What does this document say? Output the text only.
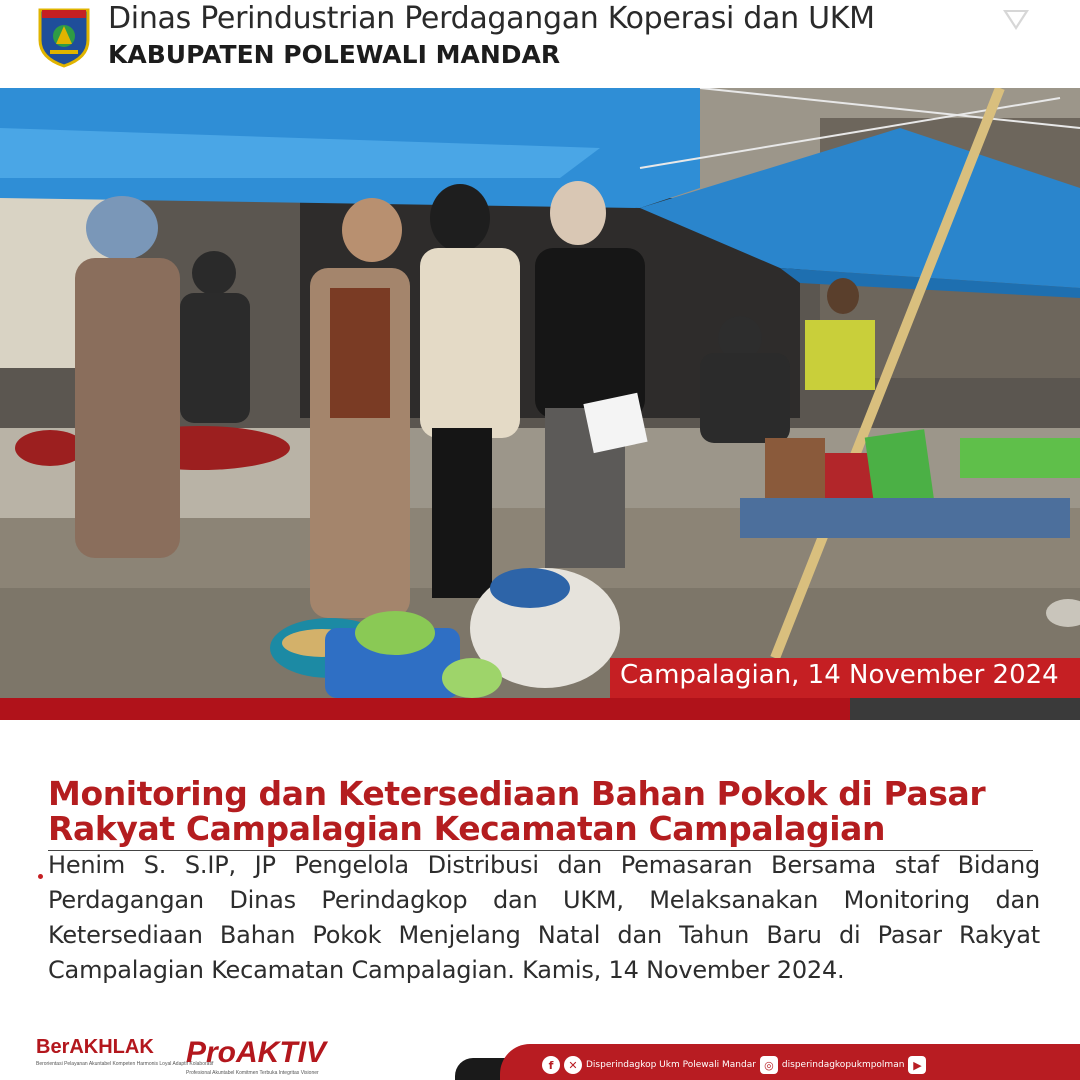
Dinas Perindustrian Perdagangan Koperasi dan UKM
KABUPATEN POLEWALI MANDAR
Campalagian, 14 November 2024
Monitoring dan Ketersediaan Bahan Pokok di Pasar
Rakyat Campalagian Kecamatan Campalagian
Henim S. S.IP, JP Pengelola Distribusi dan Pemasaran Bersama staf Bidang Perdagangan Dinas Perindagkop dan UKM, Melaksanakan Monitoring dan Ketersediaan Bahan Pokok Menjelang Natal dan Tahun Baru di Pasar Rakyat Campalagian Kecamatan Campalagian. Kamis, 14 November 2024.
BerAKHLAK
Berorientasi Pelayanan Akuntabel Kompeten Harmonis Loyal Adaptif Kolaboratif
ProAKTIV
Profesional Akuntabel Komitmen Terbuka Integritas Visioner
f	✕ Disperindagkop Ukm Polewali Mandar ◎ disperindagkopukmpolman ▶
